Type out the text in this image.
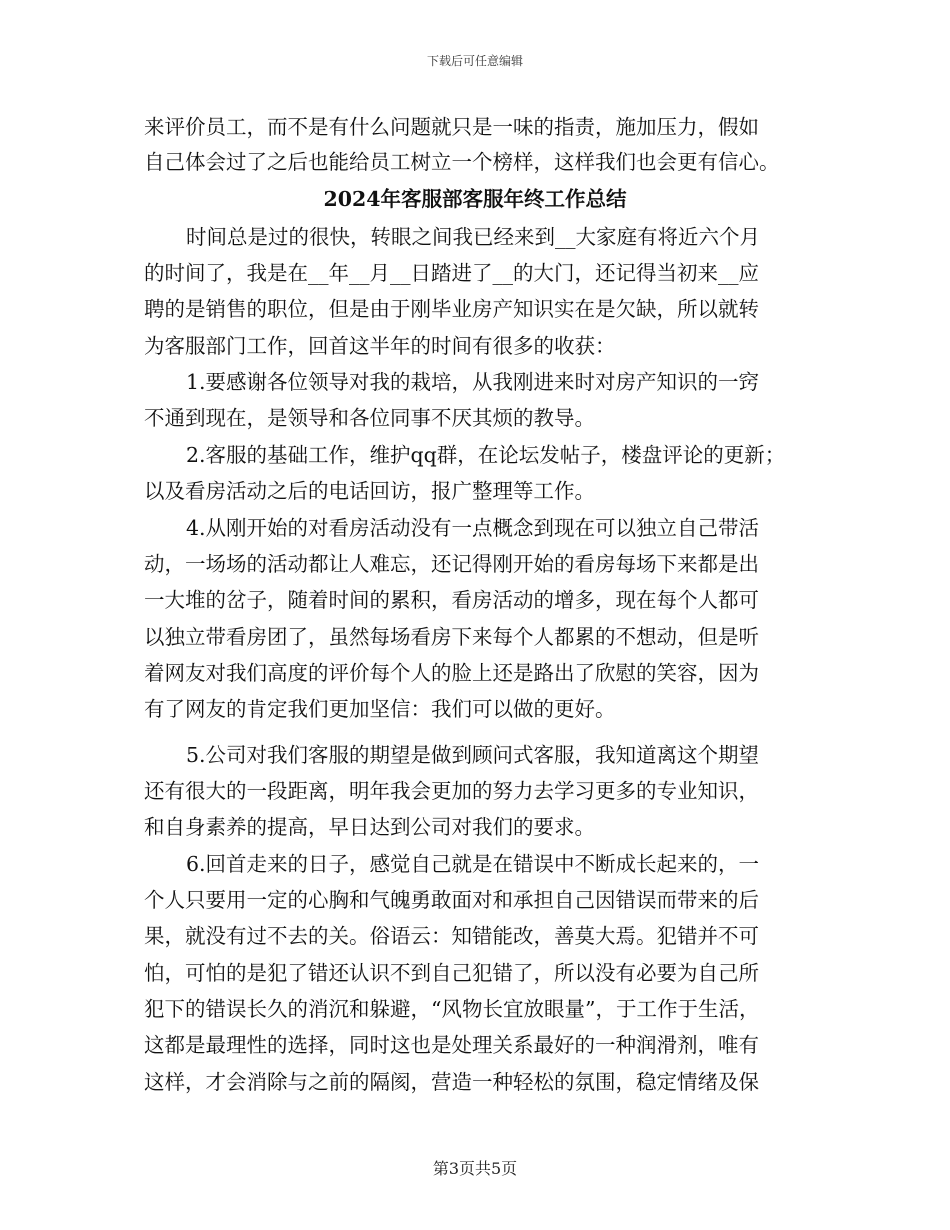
下载后可任意编辑
来评价员工，而不是有什么问题就只是一味的指责，施加压力，假如
自己体会过了之后也能给员工树立一个榜样，这样我们也会更有信心。
2024年客服部客服年终工作总结
时间总是过的很快，转眼之间我已经来到__大家庭有将近六个月
的时间了，我是在__年__月__日踏进了__的大门，还记得当初来__应
聘的是销售的职位，但是由于刚毕业房产知识实在是欠缺，所以就转
为客服部门工作，回首这半年的时间有很多的收获：
1.要感谢各位领导对我的栽培，从我刚进来时对房产知识的一窍
不通到现在，是领导和各位同事不厌其烦的教导。
2.客服的基础工作，维护qq群，在论坛发帖子，楼盘评论的更新；
以及看房活动之后的电话回访，报广整理等工作。
4.从刚开始的对看房活动没有一点概念到现在可以独立自己带活
动，一场场的活动都让人难忘，还记得刚开始的看房每场下来都是出
一大堆的岔子，随着时间的累积，看房活动的增多，现在每个人都可
以独立带看房团了，虽然每场看房下来每个人都累的不想动，但是听
着网友对我们高度的评价每个人的脸上还是路出了欣慰的笑容，因为
有了网友的肯定我们更加坚信：我们可以做的更好。
5.公司对我们客服的期望是做到顾问式客服，我知道离这个期望
还有很大的一段距离，明年我会更加的努力去学习更多的专业知识，
和自身素养的提高，早日达到公司对我们的要求。
6.回首走来的日子，感觉自己就是在错误中不断成长起来的，一
个人只要用一定的心胸和气魄勇敢面对和承担自己因错误而带来的后
果，就没有过不去的关。俗语云：知错能改，善莫大焉。犯错并不可
怕，可怕的是犯了错还认识不到自己犯错了，所以没有必要为自己所
犯下的错误长久的消沉和躲避，“风物长宜放眼量”，于工作于生活，
这都是最理性的选择，同时这也是处理关系最好的一种润滑剂，唯有
这样，才会消除与之前的隔阂，营造一种轻松的氛围，稳定情绪及保
第3页共5页
